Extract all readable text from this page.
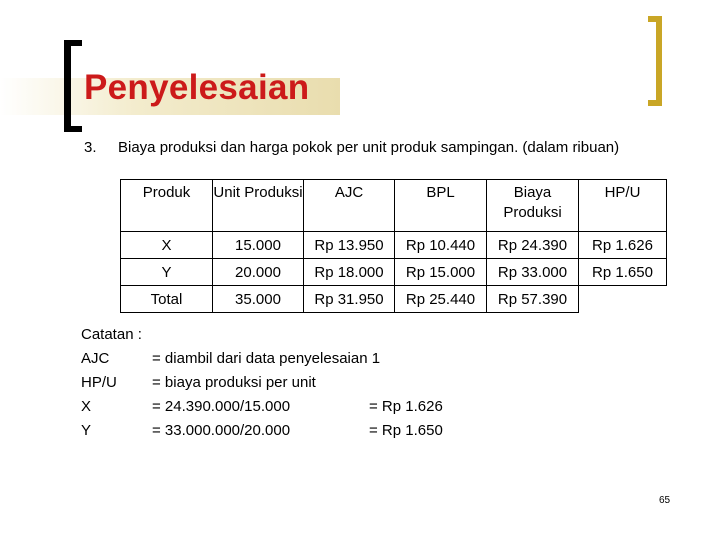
Penyelesaian
3. Biaya produksi dan harga pokok per unit produk sampingan. (dalam ribuan)
Produk	Unit Produksi	AJC	BPL	Biaya Produksi	HP/U
X	15.000	Rp 13.950	Rp 10.440	Rp 24.390	Rp 1.626
Y	20.000	Rp 18.000	Rp 15.000	Rp 33.000	Rp 1.650
Total	35.000	Rp 31.950	Rp 25.440	Rp 57.390	
Catatan :
AJC	= diambil dari data penyelesaian 1
HP/U = biaya produksi per unit
X	= 24.390.000/15.000	= Rp 1.626
Y	= 33.000.000/20.000	= Rp 1.650
65
